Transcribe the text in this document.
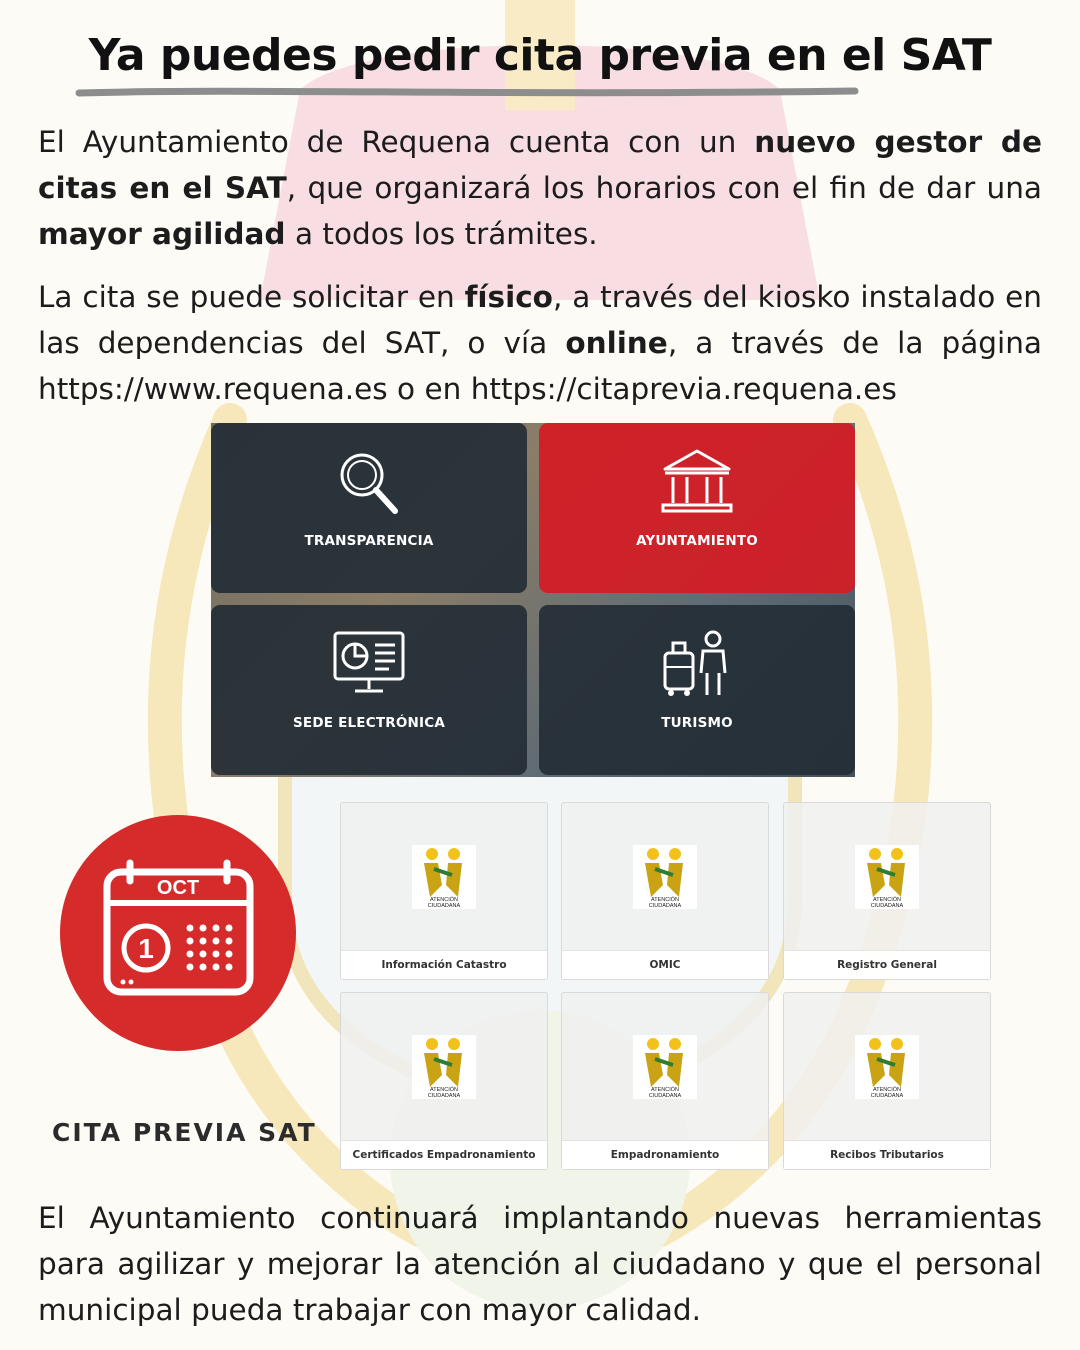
Ya puedes pedir cita previa en el SAT

El Ayuntamiento de Requena cuenta con un nuevo gestor de citas en el SAT, que organizará los horarios con el fin de dar una mayor agilidad a todos los trámites.

La cita se puede solicitar en físico, a través del kiosko instalado en las dependencias del SAT, o vía online, a través de la página https://www.requena.es o en https://citaprevia.requena.es

TRANSPARENCIA	AYUNTAMIENTO
SEDE ELECTRÓNICA	TURISMO
OCT
1
CITA PREVIA SAT
ATENCIÓN
CIUDADANA
Información Catastro
ATENCIÓN
CIUDADANA
OMIC
ATENCIÓN
CIUDADANA
Registro General
ATENCIÓN
CIUDADANA
Certificados Empadronamiento
ATENCIÓN
CIUDADANA
Empadronamiento
ATENCIÓN
CIUDADANA
Recibos Tributarios

El Ayuntamiento continuará implantando nuevas herramientas para agilizar y mejorar la atención al ciudadano y que el personal municipal pueda trabajar con mayor calidad.
